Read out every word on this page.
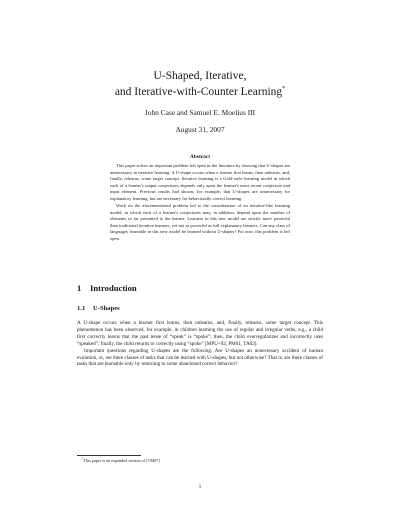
U-Shaped, Iterative,
and Iterative-with-Counter Learning*
John Case and Samuel E. Moelius III
August 31, 2007
Abstract

This paper solves an important problem left open in the literature by showing that U-shapes are unnecessary in iterative learning. A U-shape occurs when a learner first learns, then unlearns, and, finally, relearns, some target concept. Iterative learning is a Gold-style learning model in which each of a learner's output conjectures depends only upon the learner's most recent conjecture and input element. Previous results had shown, for example, that U-shapes are unnecessary for explanatory learning, but are necessary for behaviorally correct learning.

Work on the aforementioned problem led to the consideration of an iterative-like learning model, in which each of a learner's conjectures may, in addition, depend upon the number of elements so far presented to the learner. Learners in this new model are strictly more powerful than traditional iterative learners, yet not as powerful as full explanatory learners. Can any class of languages learnable in this new model be learned without U-shapes? For now, this problem is left open.

1 Introduction
1.1 U-Shapes

A U-shape occurs when a learner first learns, then unlearns, and, finally, relearns, some target concept. This phenomenon has been observed, for example, in children learning the use of regular and irregular verbs, e.g., a child first correctly learns that the past tense of “speak” is “spoke”; then, the child overregularizes and incorrectly uses “speaked”; finally, the child returns to correctly using “spoke” [MPU+92, PM01, TA02].

Important questions regarding U-shapes are the following. Are U-shapes an unnecessary accident of human evolution, or, are there classes of tasks that can be learned with U-shapes, but not otherwise? That is, are there classes of tasks that are learnable only by returning to some abandoned correct behavior?

*This paper is an expanded version of [CM07].
1
